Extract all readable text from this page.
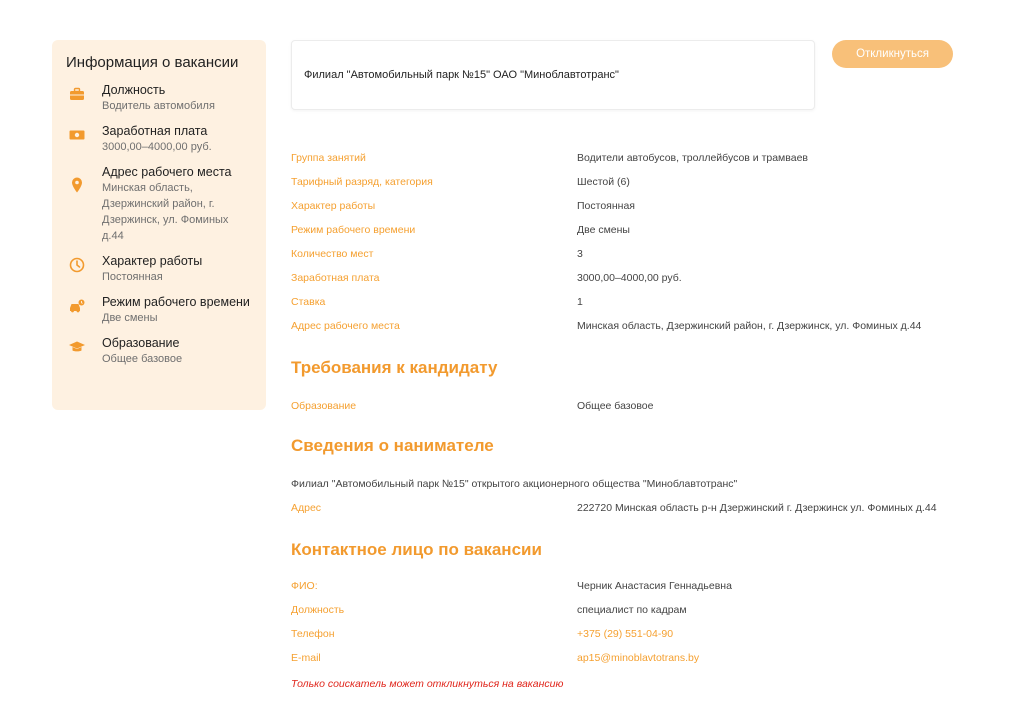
Информация о вакансии
Должность
Водитель автомобиля
Заработная плата
3000,00–4000,00 руб.
Адрес рабочего места
Минская область, Дзержинский район, г. Дзержинск, ул. Фоминых д.44
Характер работы
Постоянная
Режим рабочего времени
Две смены
Образование
Общее базовое
Филиал "Автомобильный парк №15" ОАО "Миноблавтотранс"
Откликнуться
Группа занятий	Водители автобусов, троллейбусов и трамваев
Тарифный разряд, категория	Шестой (6)
Характер работы	Постоянная
Режим рабочего времени	Две смены
Количество мест	3
Заработная плата	3000,00–4000,00 руб.
Ставка	1
Адрес рабочего места	Минская область, Дзержинский район, г. Дзержинск, ул. Фоминых д.44
Требования к кандидату
Образование	Общее базовое
Сведения о нанимателе
Филиал "Автомобильный парк №15" открытого акционерного общества "Миноблавтотранс"
Адрес	222720 Минская область р-н Дзержинский г. Дзержинск ул. Фоминых д.44
Контактное лицо по вакансии
ФИО:	Черник Анастасия Геннадьевна
Должность	специалист по кадрам
Телефон	+375 (29) 551-04-90
E-mail	ap15@minoblavtotrans.by
Только соискатель может откликнуться на вакансию
